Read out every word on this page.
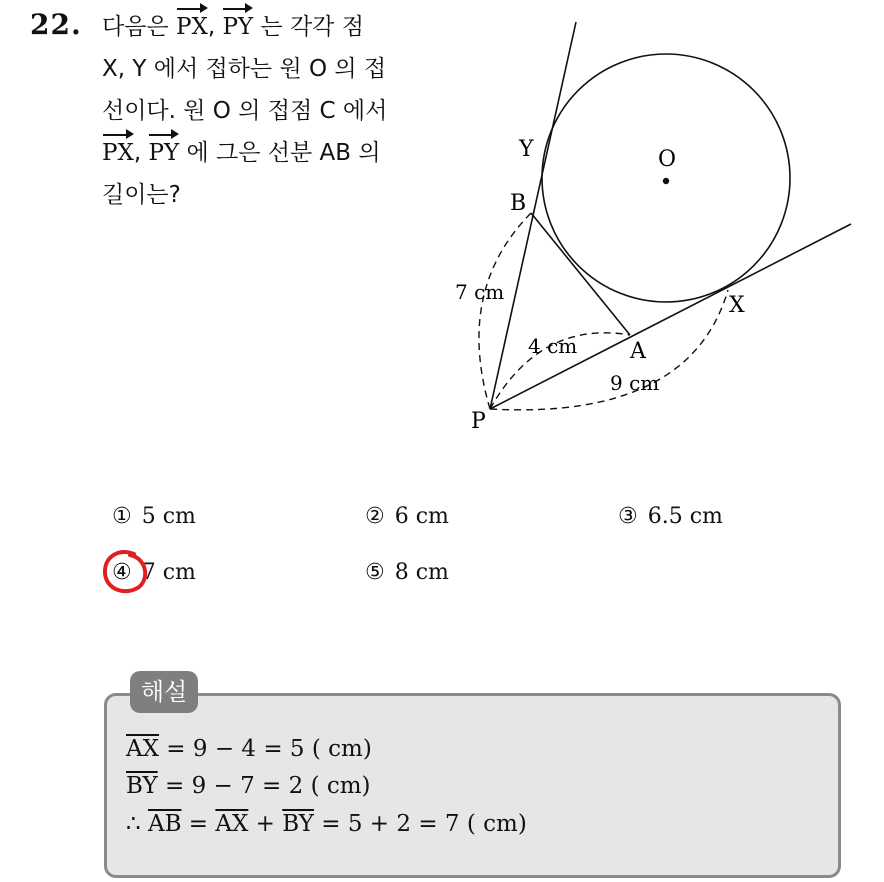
22. 다음은 PX, PY 는 각각 점
X, Y 에서 접하는 원 O 의 접
선이다. 원 O 의 접점 C 에서
PX, PY 에 그은 선분 AB 의
길이는?
O
Y
B
X
A
P
7 cm
4 cm
9 cm
① 5 cm	② 6 cm	③ 6.5 cm
④ 7 cm	⑤ 8 cm
해설
$\overline{AX} = 9 - 4 = 5$ ( cm)
$\overline{BY} = 9 - 7 = 2$ ( cm)
∴ $\overline{AB} = \overline{AX} + \overline{BY} = 5 + 2 = 7$ ( cm)
